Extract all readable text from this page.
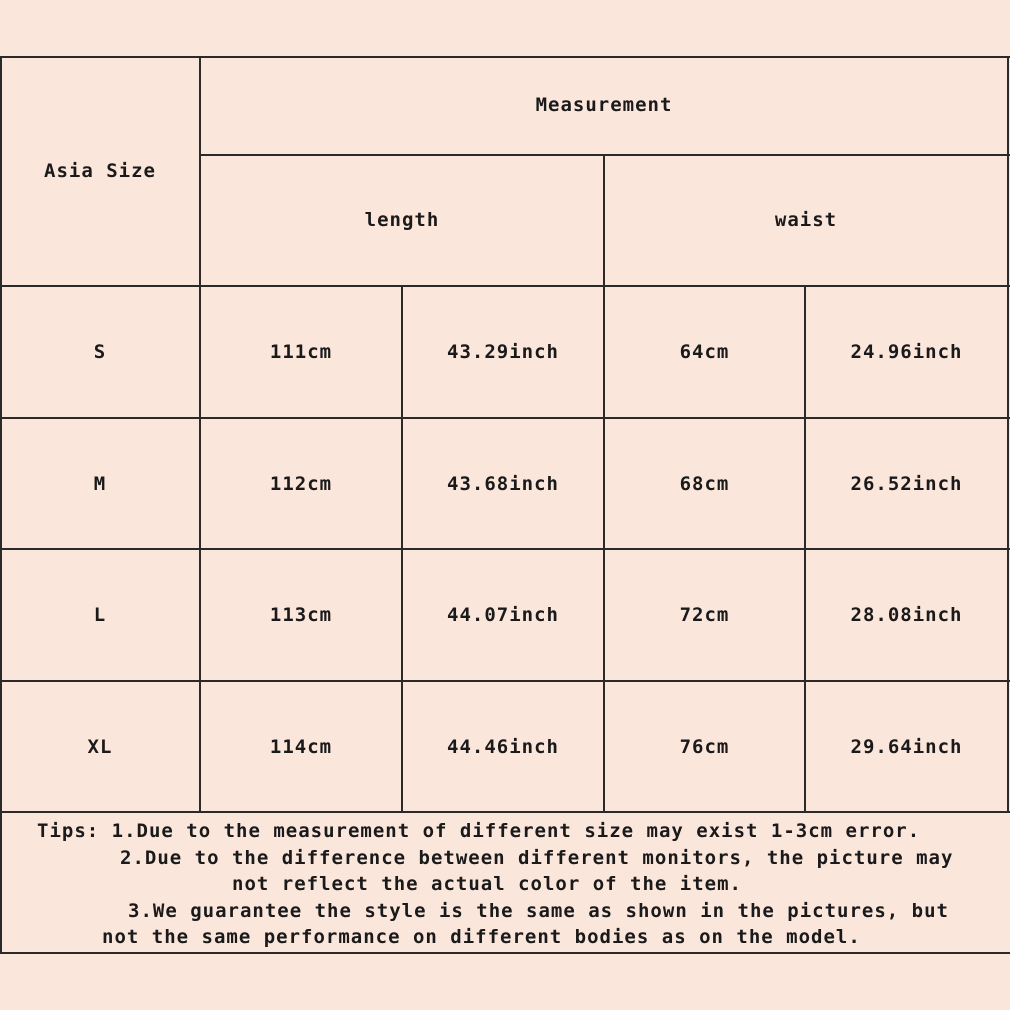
Asia Size
Measurement
length	waist
S	111cm	43.29inch	64cm	24.96inch
M	112cm	43.68inch	68cm	26.52inch
L	113cm	44.07inch	72cm	28.08inch
XL	114cm	44.46inch	76cm	29.64inch
Tips: 1.Due to the measurement of different size may exist 1-3cm error.
2.Due to the difference between different monitors, the picture may
not reflect the actual color of the item.
3.We guarantee the style is the same as shown in the pictures, but
not the same performance on different bodies as on the model.
